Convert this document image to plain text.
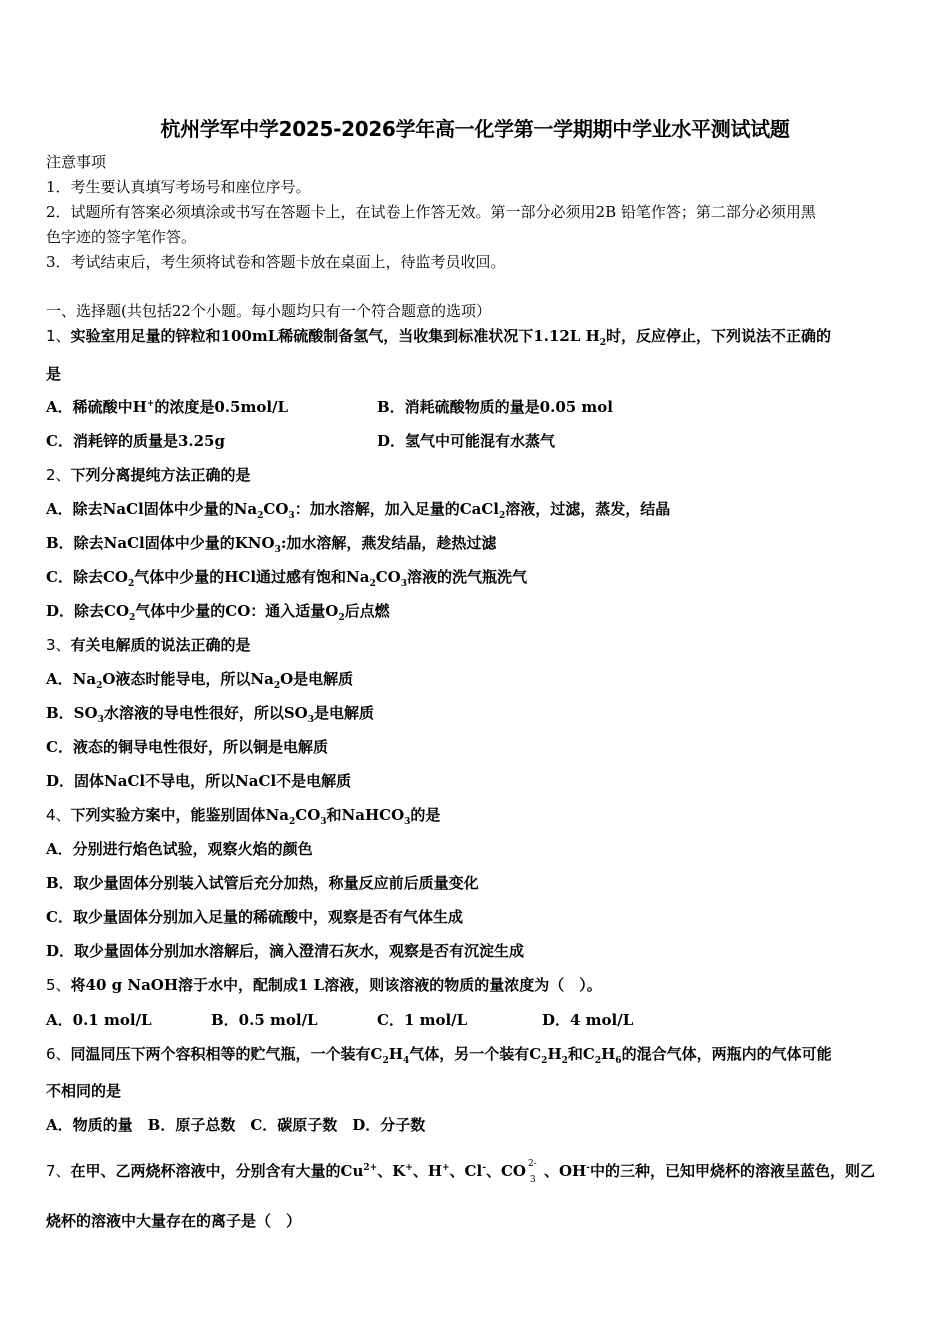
杭州学军中学2025-2026学年高一化学第一学期期中学业水平测试试题
注意事项
1．考生要认真填写考场号和座位序号。
2．试题所有答案必须填涂或书写在答题卡上，在试卷上作答无效。第一部分必须用2B 铅笔作答；第二部分必须用黑
色字迹的签字笔作答。
3．考试结束后，考生须将试卷和答题卡放在桌面上，待监考员收回。
一、选择题(共包括22个小题。每小题均只有一个符合题意的选项）
1、实验室用足量的锌粒和100mL稀硫酸制备氢气，当收集到标准状况下1.12L $H_2$时，反应停止，下列说法不正确的
是
A．稀硫酸中H+的浓度是0.5mol/L	B．消耗硫酸物质的量是0.05 mol
C．消耗锌的质量是3.25g	D．氢气中可能混有水蒸气
2、下列分离提纯方法正确的是
A．除去NaCl固体中少量的$Na_2CO_3$：加水溶解，加入足量的CaCl$_2$溶液，过滤，蒸发，结晶
B．除去NaCl固体中少量的$KNO_3$:加水溶解，燕发结晶，趁热过滤
C．除去$CO_2$气体中少量的HCl通过感有饱和$Na_2CO_3$溶液的洗气瓶洗气
D．除去$CO_2$气体中少量的CO：通入适量$O_2$后点燃
3、有关电解质的说法正确的是
A．$Na_2O$液态时能导电，所以$Na_2O$是电解质
B．$SO_3$水溶液的导电性很好，所以$SO_3$是电解质
C．液态的铜导电性很好，所以铜是电解质
D．固体NaCl不导电，所以NaCl不是电解质
4、下列实验方案中，能鉴别固体$Na_2CO_3$和NaHCO$_3$的是
A．分别进行焰色试验，观察火焰的颜色
B．取少量固体分别装入试管后充分加热，称量反应前后质量变化
C．取少量固体分别加入足量的稀硫酸中，观察是否有气体生成
D．取少量固体分别加水溶解后，滴入澄清石灰水，观察是否有沉淀生成
5、将40 g NaOH溶于水中，配制成1 L溶液，则该溶液的物质的量浓度为（　）。
A．0.1 mol/L	B．0.5 mol/L	C．1 mol/L	D．4 mol/L
6、同温同压下两个容积相等的贮气瓶，一个装有$C_2H_4$气体，另一个装有$C_2H_2$和$C_2H_6$的混合气体，两瓶内的气体可能
不相同的是
A．物质的量　B．原子总数　C．碳原子数　D．分子数
7、在甲、乙两烧杯溶液中，分别含有大量的$Cu^{2+}$、K+、H+、Cl-、CO 2-
3 、OH-中的三种，已知甲烧杯的溶液呈蓝色，则乙
烧杯的溶液中大量存在的离子是（　）
